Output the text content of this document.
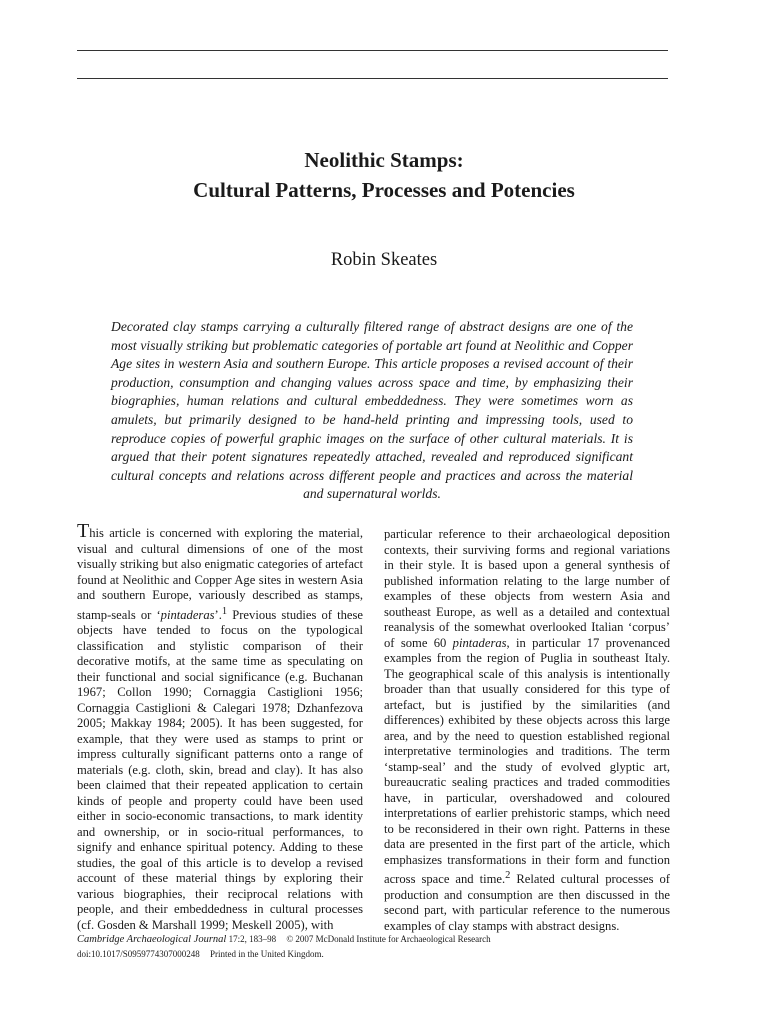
Neolithic Stamps:
Cultural Patterns, Processes and Potencies
Robin Skeates

Decorated clay stamps carrying a culturally filtered range of abstract designs are one of the most visually striking but problematic categories of portable art found at Neolithic and Copper Age sites in western Asia and southern Europe. This article proposes a revised account of their production, consumption and changing values across space and time, by emphasizing their biographies, human relations and cultural embeddedness. They were sometimes worn as amulets, but primarily designed to be hand-held printing and impressing tools, used to reproduce copies of powerful graphic images on the surface of other cultural materials. It is argued that their potent signatures repeatedly attached, revealed and reproduced significant cultural concepts and relations across different people and practices and across the material and supernatural worlds.

This article is concerned with exploring the material, visual and cultural dimensions of one of the most visually striking but also enigmatic categories of artefact found at Neolithic and Copper Age sites in western Asia and southern Europe, variously described as stamps, stamp-seals or ‘pintaderas’.$^1$ Previous studies of these objects have tended to focus on the typological classification and stylistic comparison of their decorative motifs, at the same time as speculating on their functional and social significance (e.g. Buchanan 1967; Collon 1990; Cornaggia Castiglioni 1956; Cornaggia Castiglioni & Calegari 1978; Dzhanfezova 2005; Makkay 1984; 2005). It has been suggested, for example, that they were used as stamps to print or impress culturally significant patterns onto a range of materials (e.g. cloth, skin, bread and clay). It has also been claimed that their repeated application to certain kinds of people and property could have been used either in socio-economic transactions, to mark identity and ownership, or in socio-ritual performances, to signify and enhance spiritual potency. Adding to these studies, the goal of this article is to develop a revised account of these material things by exploring their various biographies, their reciprocal relations with people, and their embeddedness in cultural processes (cf. Gosden & Marshall 1999; Meskell 2005), with

particular reference to their archaeological deposition contexts, their surviving forms and regional variations in their style. It is based upon a general synthesis of published information relating to the large number of examples of these objects from western Asia and southeast Europe, as well as a detailed and contextual reanalysis of the somewhat overlooked Italian ‘corpus’ of some 60 pintaderas, in particular 17 provenanced examples from the region of Puglia in southeast Italy. The geographical scale of this analysis is intentionally broader than that usually considered for this type of artefact, but is justified by the similarities (and differences) exhibited by these objects across this large area, and by the need to question established regional interpretative terminologies and traditions. The term ‘stamp-seal’ and the study of evolved glyptic art, bureaucratic sealing practices and traded commodities have, in particular, overshadowed and coloured interpretations of earlier prehistoric stamps, which need to be reconsidered in their own right. Patterns in these data are presented in the first part of the article, which emphasizes transformations in their form and function across space and time.$^2$ Related cultural processes of production and consumption are then discussed in the second part, with particular reference to the numerous examples of clay stamps with abstract designs.

Cambridge Archaeological Journal 17:2, 183–98 © 2007 McDonald Institute for Archaeological Research
doi:10.1017/S0959774307000248 Printed in the United Kingdom.
